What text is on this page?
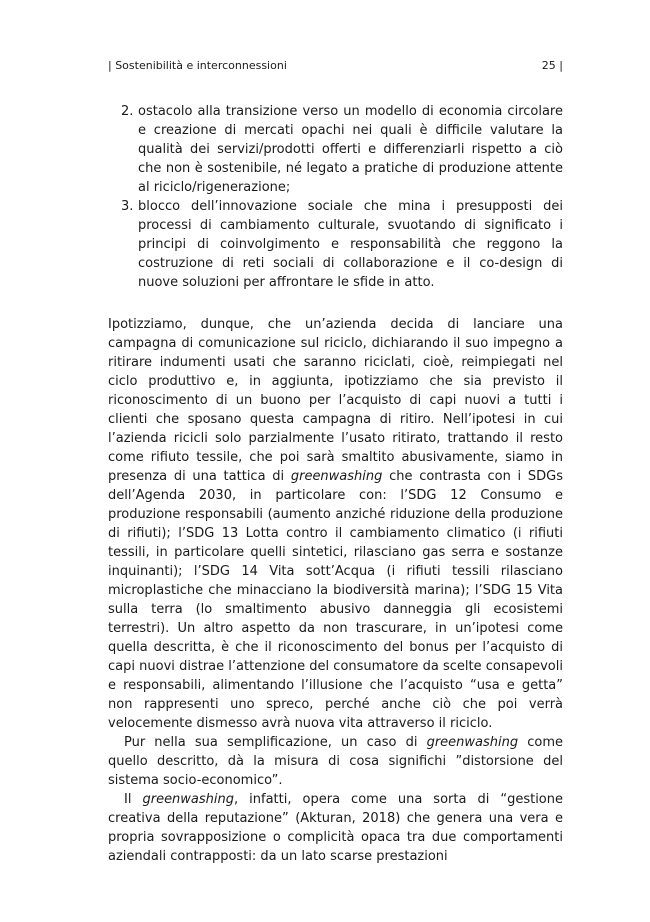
| Sostenibilità e interconnessioni	25 |
2. ostacolo alla transizione verso un modello di economia circolare e creazione di mercati opachi nei quali è difficile valutare la qualità dei servizi/prodotti offerti e differenziarli rispetto a ciò che non è sostenibile, né legato a pratiche di produzione attente al riciclo/rigenerazione;
3. blocco dell’innovazione sociale che mina i presupposti dei processi di cambiamento culturale, svuotando di significato i principi di coinvolgimento e responsabilità che reggono la costruzione di reti sociali di collaborazione e il co-design di nuove soluzioni per affrontare le sfide in atto.

Ipotizziamo, dunque, che un’azienda decida di lanciare una campagna di comunicazione sul riciclo, dichiarando il suo impegno a ritirare indumenti usati che saranno riciclati, cioè, reimpiegati nel ciclo produttivo e, in aggiunta, ipotizziamo che sia previsto il riconoscimento di un buono per l’acquisto di capi nuovi a tutti i clienti che sposano questa campagna di ritiro. Nell’ipotesi in cui l’azienda ricicli solo parzialmente l’usato ritirato, trattando il resto come rifiuto tessile, che poi sarà smaltito abusivamente, siamo in presenza di una tattica di greenwashing che contrasta con i SDGs dell’Agenda 2030, in particolare con: l’SDG 12 Consumo e produzione responsabili (aumento anziché riduzione della produzione di rifiuti); l’SDG 13 Lotta contro il cambiamento climatico (i rifiuti tessili, in particolare quelli sintetici, rilasciano gas serra e sostanze inquinanti); l’SDG 14 Vita sott’Acqua (i rifiuti tessili rilasciano microplastiche che minacciano la biodiversità marina); l’SDG 15 Vita sulla terra (lo smaltimento abusivo danneggia gli ecosistemi terrestri). Un altro aspetto da non trascurare, in un’ipotesi come quella descritta, è che il riconoscimento del bonus per l’acquisto di capi nuovi distrae l’attenzione del consumatore da scelte consapevoli e responsabili, alimentando l’illusione che l’acquisto “usa e getta” non rappresenti uno spreco, perché anche ciò che poi verrà velocemente dismesso avrà nuova vita attraverso il riciclo.

Pur nella sua semplificazione, un caso di greenwashing come quello descritto, dà la misura di cosa significhi ”distorsione del sistema socio-economico”.

Il greenwashing, infatti, opera come una sorta di “gestione creativa della reputazione” (Akturan, 2018) che genera una vera e propria sovrapposizione o complicità opaca tra due comportamenti aziendali contrapposti: da un lato scarse prestazioni
